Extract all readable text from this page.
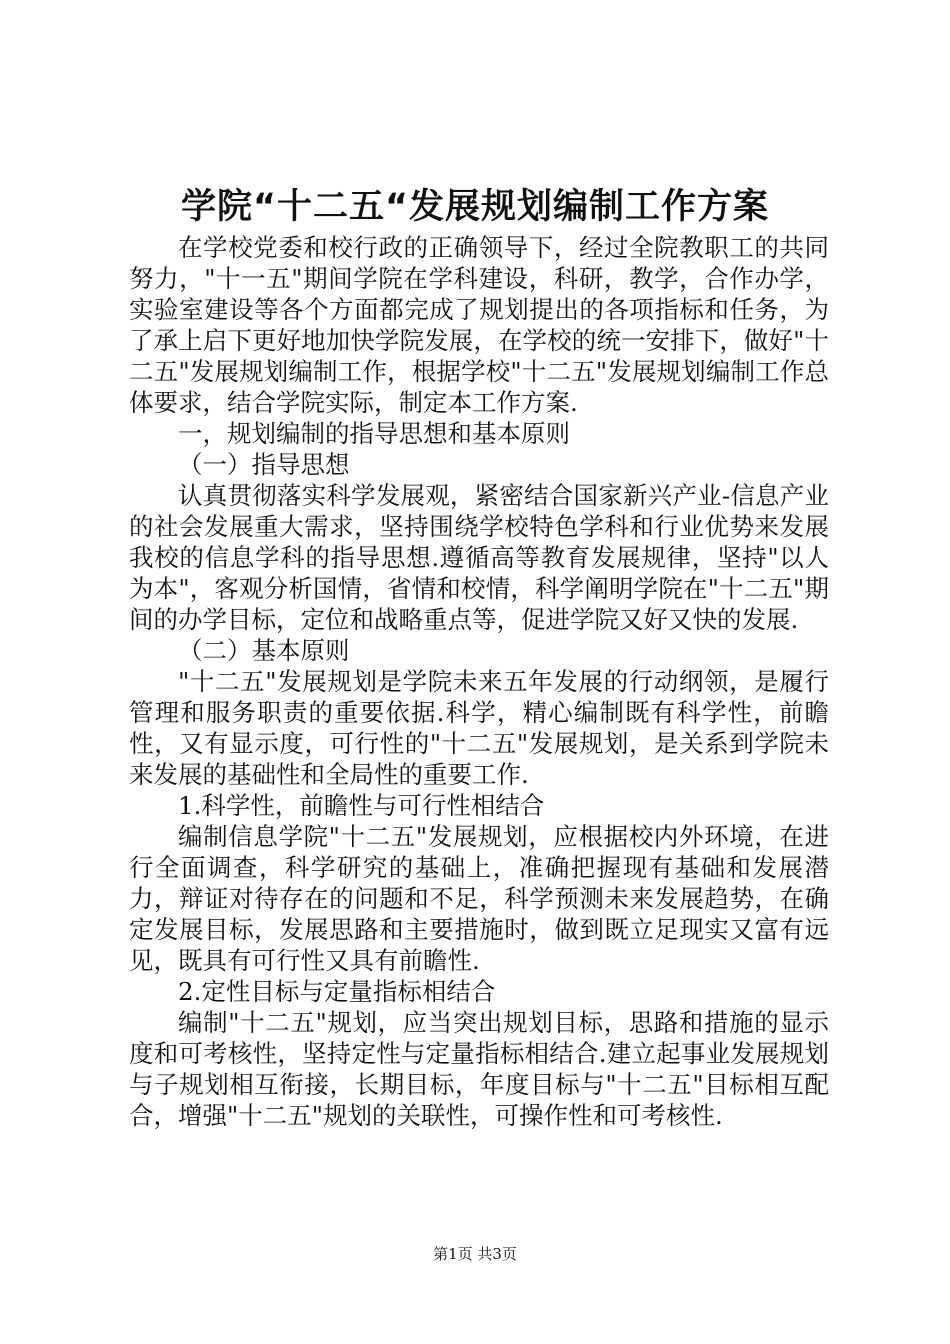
学院“十二五“发展规划编制工作方案

在学校党委和校行政的正确领导下，经过全院教职工的共同努力，"十一五"期间学院在学科建设，科研，教学，合作办学，实验室建设等各个方面都完成了规划提出的各项指标和任务，为了承上启下更好地加快学院发展，在学校的统一安排下，做好"十二五"发展规划编制工作，根据学校"十二五"发展规划编制工作总体要求，结合学院实际，制定本工作方案.

一，规划编制的指导思想和基本原则

（一）指导思想

认真贯彻落实科学发展观，紧密结合国家新兴产业-信息产业的社会发展重大需求，坚持围绕学校特色学科和行业优势来发展我校的信息学科的指导思想.遵循高等教育发展规律，坚持"以人为本"，客观分析国情，省情和校情，科学阐明学院在"十二五"期间的办学目标，定位和战略重点等，促进学院又好又快的发展.

（二）基本原则

"十二五"发展规划是学院未来五年发展的行动纲领，是履行管理和服务职责的重要依据.科学，精心编制既有科学性，前瞻性，又有显示度，可行性的"十二五"发展规划，是关系到学院未来发展的基础性和全局性的重要工作.

1.科学性，前瞻性与可行性相结合

编制信息学院"十二五"发展规划，应根据校内外环境，在进行全面调查，科学研究的基础上，准确把握现有基础和发展潜力，辩证对待存在的问题和不足，科学预测未来发展趋势，在确定发展目标，发展思路和主要措施时，做到既立足现实又富有远见，既具有可行性又具有前瞻性.

2.定性目标与定量指标相结合

编制"十二五"规划，应当突出规划目标，思路和措施的显示度和可考核性，坚持定性与定量指标相结合.建立起事业发展规划与子规划相互衔接，长期目标，年度目标与"十二五"目标相互配合，增强"十二五"规划的关联性，可操作性和可考核性.

第1页 共3页
